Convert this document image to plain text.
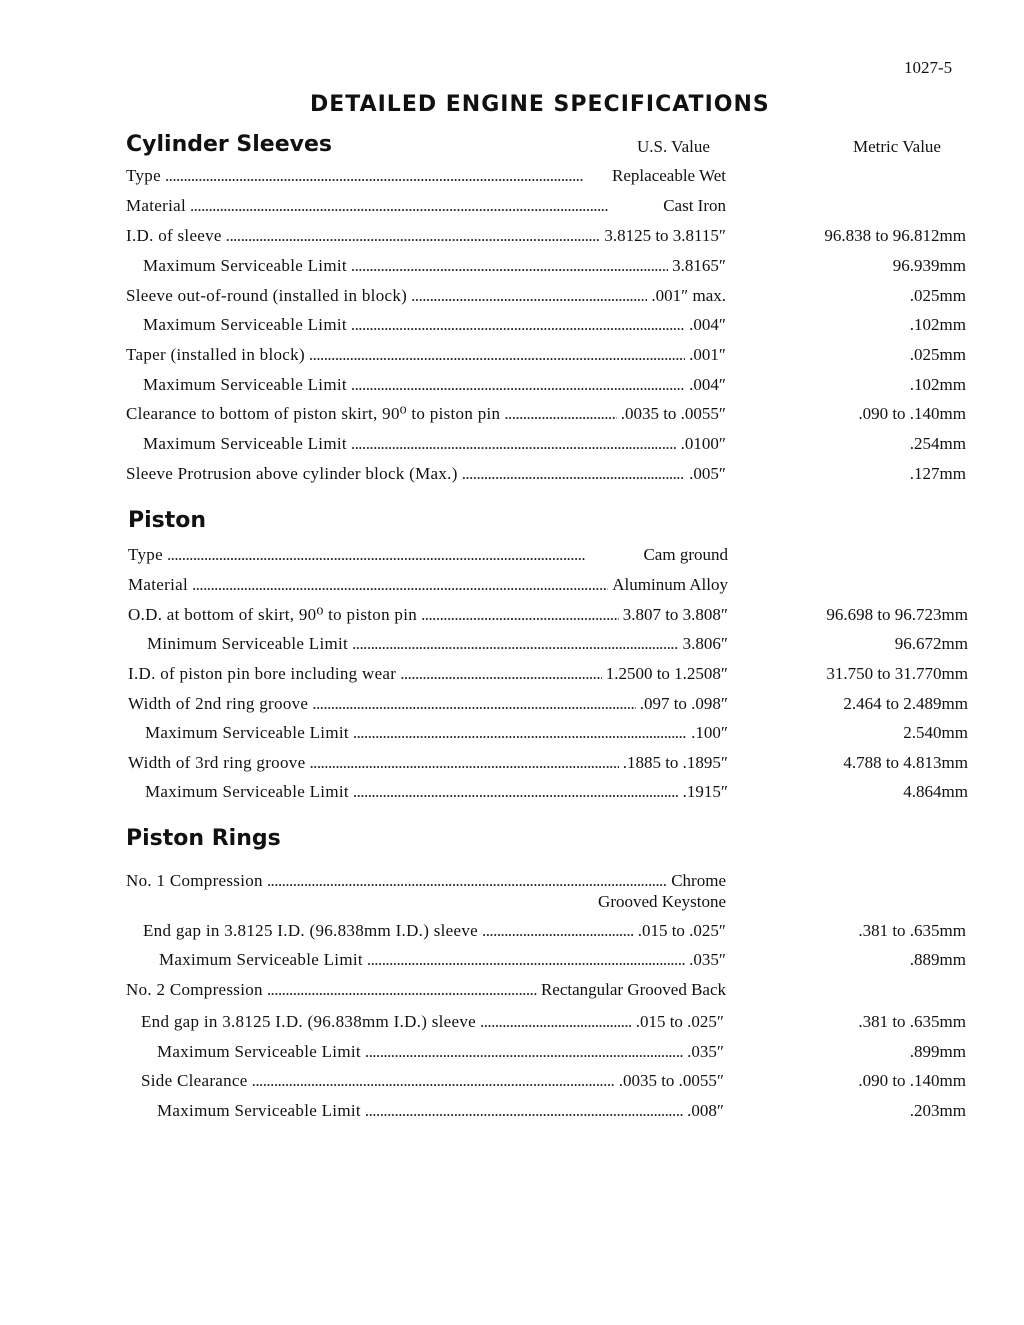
1027-5
DETAILED ENGINE SPECIFICATIONS
Cylinder Sleeves	U.S. Value	Metric Value
Type . . .	Replaceable Wet
Material . . .	Cast Iron
I.D. of sleeve . . .	3.8125 to 3.8115″	96.838 to 96.812mm
Maximum Serviceable Limit . . .	3.8165″	96.939mm
Sleeve out-of-round (installed in block) . . .	.001″ max.	.025mm
Maximum Serviceable Limit . . .	.004″	.102mm
Taper (installed in block) . . .	.001″	.025mm
Maximum Serviceable Limit . . .	.004″	.102mm
Clearance to bottom of piston skirt, 90⁰ to piston pin . . .	.0035 to .0055″	.090 to .140mm
Maximum Serviceable Limit . . .	.0100″	.254mm
Sleeve Protrusion above cylinder block (Max.) . . .	.005″	.127mm
Piston
Type . . .	Cam ground
Material . . .	Aluminum Alloy
O.D. at bottom of skirt, 90⁰ to piston pin . . .	3.807 to 3.808″	96.698 to 96.723mm
Minimum Serviceable Limit . . .	3.806″	96.672mm
I.D. of piston pin bore including wear . . .	1.2500 to 1.2508″	31.750 to 31.770mm
Width of 2nd ring groove . . .	.097 to .098″	2.464 to 2.489mm
Maximum Serviceable Limit . . .	.100″	2.540mm
Width of 3rd ring groove . . .	.1885 to .1895″	4.788 to 4.813mm
Maximum Serviceable Limit . . .	.1915″	4.864mm
Piston Rings
No. 1 Compression . . .	Chrome
Grooved Keystone
End gap in 3.8125 I.D. (96.838mm I.D.) sleeve . . .	.015 to .025″	.381 to .635mm
Maximum Serviceable Limit . . .	.035″	.889mm
No. 2 Compression . . .	Rectangular Grooved Back
End gap in 3.8125 I.D. (96.838mm I.D.) sleeve . . .	.015 to .025″	.381 to .635mm
Maximum Serviceable Limit . . .	.035″	.899mm
Side Clearance . . .	.0035 to .0055″	.090 to .140mm
Maximum Serviceable Limit . . .	.008″	.203mm
